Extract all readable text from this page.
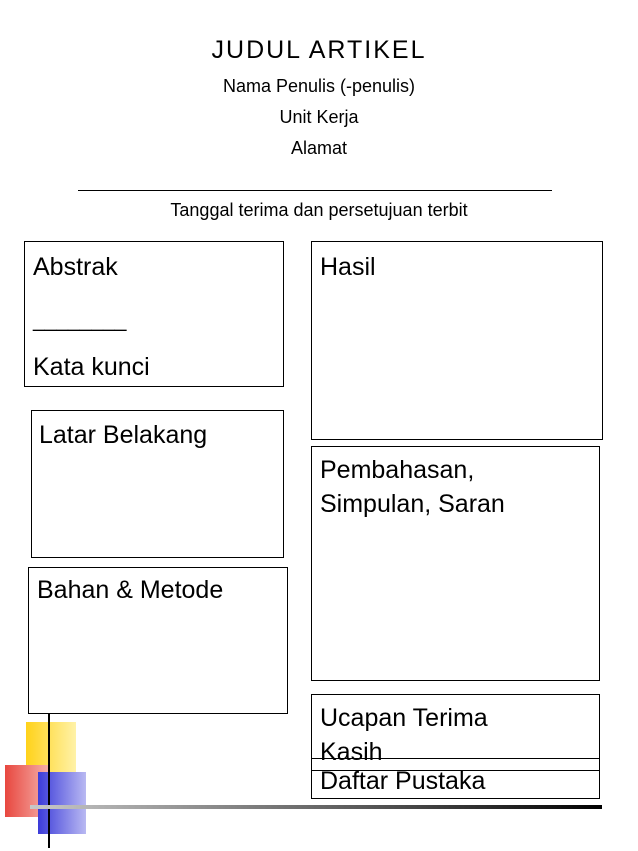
JUDUL ARTIKEL
Nama Penulis (-penulis)
Unit Kerja
Alamat
Tanggal terima dan persetujuan terbit
Abstrak
________
Kata kunci
Latar Belakang
Bahan & Metode
Hasil
Pembahasan,
Simpulan, Saran
Ucapan Terima
Kasih
Daftar Pustaka
